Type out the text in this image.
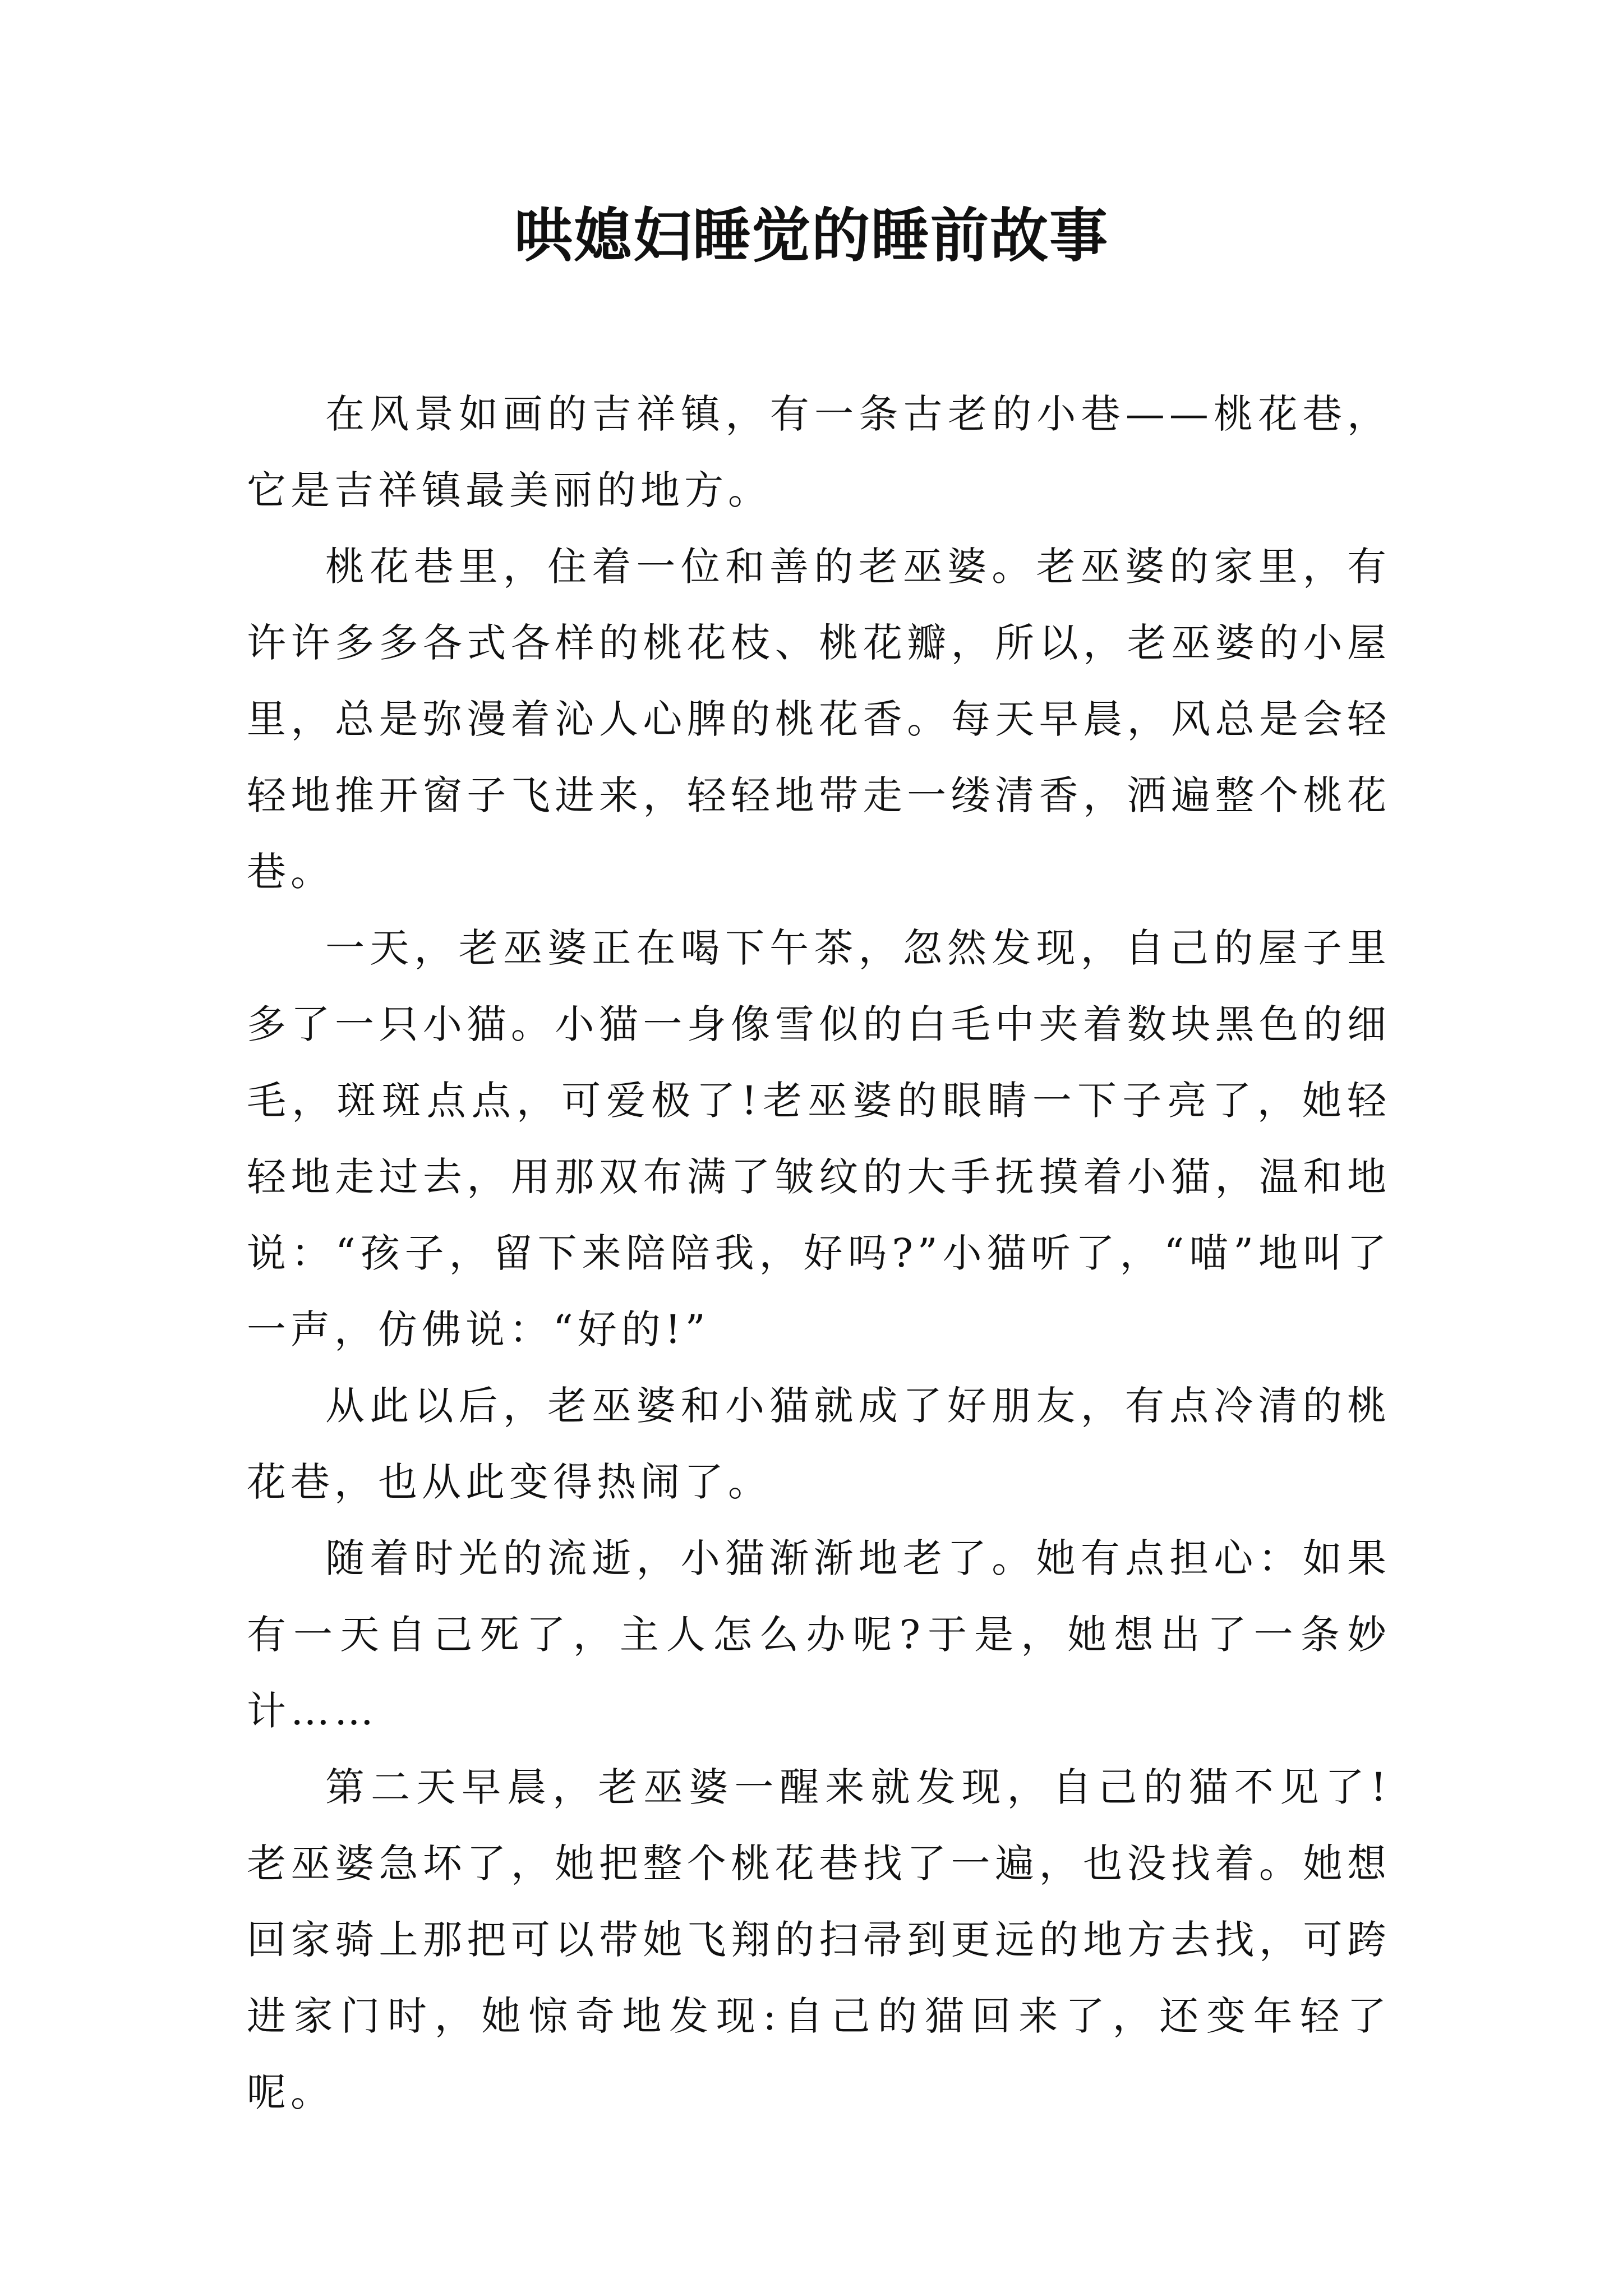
哄媳妇睡觉的睡前故事

在风景如画的吉祥镇，有一条古老的小巷——桃花巷，它是吉祥镇最美丽的地方。

桃花巷里，住着一位和善的老巫婆。老巫婆的家里，有许许多多各式各样的桃花枝、桃花瓣，所以，老巫婆的小屋里，总是弥漫着沁人心脾的桃花香。每天早晨，风总是会轻轻地推开窗子飞进来，轻轻地带走一缕清香，洒遍整个桃花巷。

一天，老巫婆正在喝下午茶，忽然发现，自己的屋子里多了一只小猫。小猫一身像雪似的白毛中夹着数块黑色的细毛，斑斑点点，可爱极了!老巫婆的眼睛一下子亮了，她轻轻地走过去，用那双布满了皱纹的大手抚摸着小猫，温和地说：“孩子，留下来陪陪我，好吗?”小猫听了，“喵”地叫了一声，仿佛说：“好的!”

从此以后，老巫婆和小猫就成了好朋友，有点冷清的桃花巷，也从此变得热闹了。

随着时光的流逝，小猫渐渐地老了。她有点担心：如果有一天自己死了，主人怎么办呢?于是，她想出了一条妙计……

第二天早晨，老巫婆一醒来就发现，自己的猫不见了!老巫婆急坏了，她把整个桃花巷找了一遍，也没找着。她想回家骑上那把可以带她飞翔的扫帚到更远的地方去找，可跨进家门时，她惊奇地发现:自己的猫回来了，还变年轻了呢。
